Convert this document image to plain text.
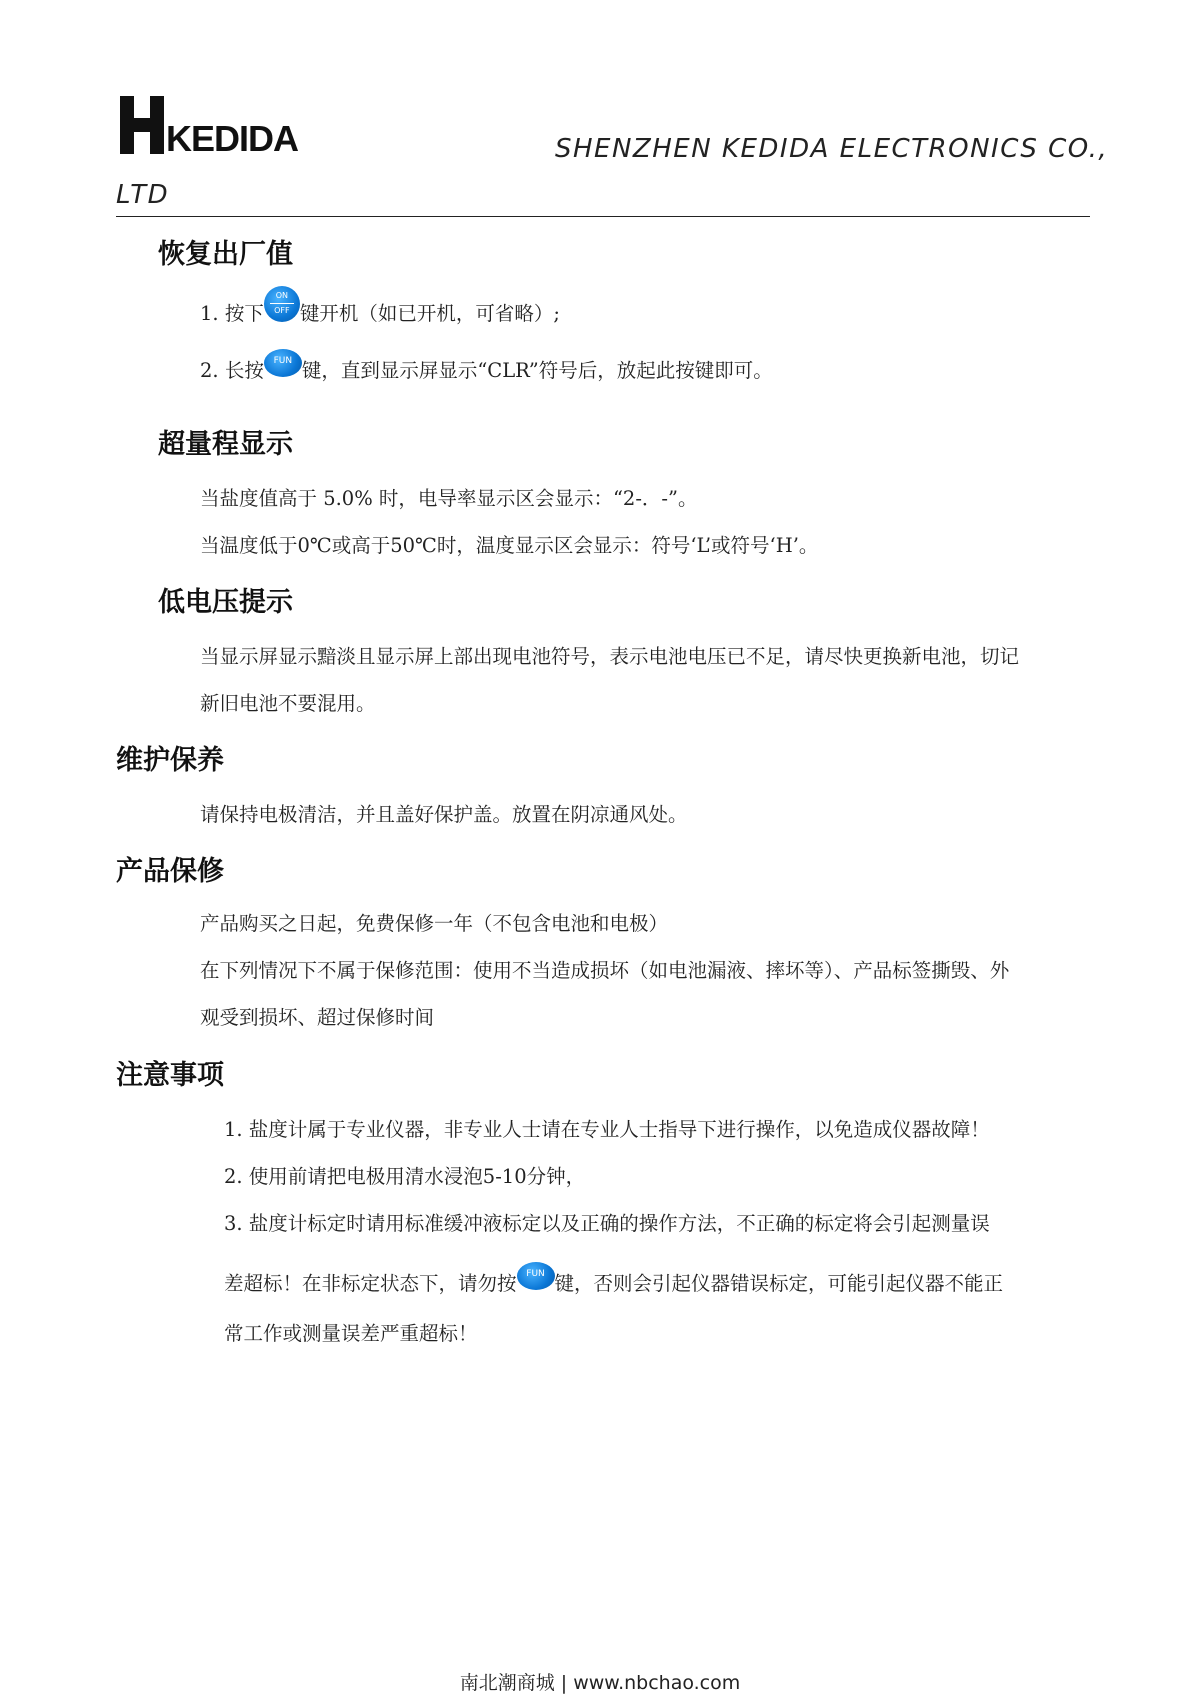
KEDIDA	SHENZHEN KEDIDA ELECTRONICS CO.,
LTD
恢复出厂值
1. 按下
ON
OFF 键开机（如已开机，可省略）;
2. 长按 FUN 键，直到显示屏显示“CLR”符号后，放起此按键即可。
超量程显示
当盐度值高于 5.0% 时，电导率显示区会显示：“2-．-”。
当温度低于0℃或高于50℃时，温度显示区会显示：符号‘L’或符号‘H’。
低电压提示
当显示屏显示黯淡且显示屏上部出现电池符号，表示电池电压已不足，请尽快更换新电池，切记
新旧电池不要混用。
维护保养
请保持电极清洁，并且盖好保护盖。放置在阴凉通风处。
产品保修
产品购买之日起，免费保修一年（不包含电池和电极）
在下列情况下不属于保修范围：使用不当造成损坏（如电池漏液、摔坏等）、产品标签撕毁、外
观受到损坏、超过保修时间
注意事项
1. 盐度计属于专业仪器，非专业人士请在专业人士指导下进行操作，以免造成仪器故障！
2. 使用前请把电极用清水浸泡5-10分钟，
3. 盐度计标定时请用标准缓冲液标定以及正确的操作方法，不正确的标定将会引起测量误
差超标！在非标定状态下，请勿按 FUN 键，否则会引起仪器错误标定，可能引起仪器不能正
常工作或测量误差严重超标！
南北潮商城 | www.nbchao.com
